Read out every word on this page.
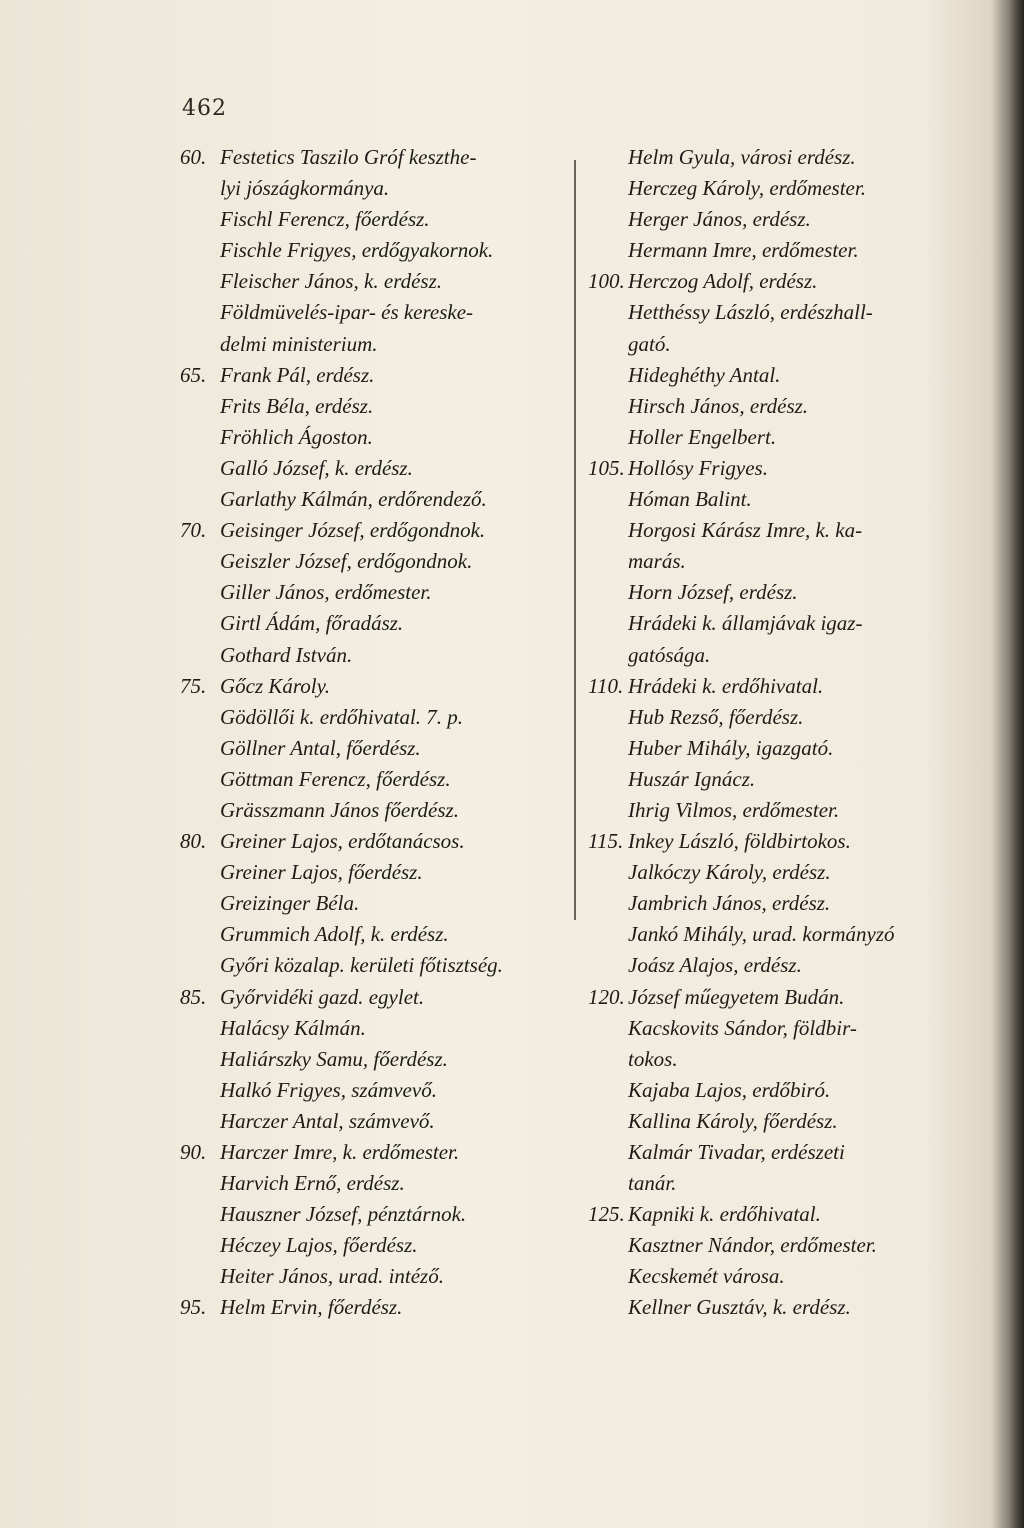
462
60. Festetics Taszilo Gróf keszthe-
lyi jószágkormánya.
Fischl Ferencz, főerdész.
Fischle Frigyes, erdőgyakornok.
Fleischer János, k. erdész.
Földmüvelés-ipar- és kereske-
delmi ministerium.
65. Frank Pál, erdész.
Frits Béla, erdész.
Fröhlich Ágoston.
Galló József, k. erdész.
Garlathy Kálmán, erdőrendező.
70. Geisinger József, erdőgondnok.
Geiszler József, erdőgondnok.
Giller János, erdőmester.
Girtl Ádám, főradász.
Gothard István.
75. Gőcz Károly.
Gödöllői k. erdőhivatal. 7. p.
Göllner Antal, főerdész.
Göttman Ferencz, főerdész.
Grässzmann János főerdész.
80. Greiner Lajos, erdőtanácsos.
Greiner Lajos, főerdész.
Greizinger Béla.
Grummich Adolf, k. erdész.
Győri közalap. kerületi főtisztség.
85. Győrvidéki gazd. egylet.
Halácsy Kálmán.
Haliárszky Samu, főerdész.
Halkó Frigyes, számvevő.
Harczer Antal, számvevő.
90. Harczer Imre, k. erdőmester.
Harvich Ernő, erdész.
Hauszner József, pénztárnok.
Héczey Lajos, főerdész.
Heiter János, urad. intéző.
95. Helm Ervin, főerdész.
Helm Gyula, városi erdész.
Herczeg Károly, erdőmester.
Herger János, erdész.
Hermann Imre, erdőmester.
100. Herczog Adolf, erdész.
Hetthéssy László, erdészhall-
gató.
Hideghéthy Antal.
Hirsch János, erdész.
Holler Engelbert.
105. Hollósy Frigyes.
Hóman Balint.
Horgosi Kárász Imre, k. ka-
marás.
Horn József, erdész.
Hrádeki k. államjávak igaz-
gatósága.
110. Hrádeki k. erdőhivatal.
Hub Rezső, főerdész.
Huber Mihály, igazgató.
Huszár Ignácz.
Ihrig Vilmos, erdőmester.
115. Inkey László, földbirtokos.
Jalkóczy Károly, erdész.
Jambrich János, erdész.
Jankó Mihály, urad. kormányzó
Joász Alajos, erdész.
120. József műegyetem Budán.
Kacskovits Sándor, földbir-
tokos.
Kajaba Lajos, erdőbiró.
Kallina Károly, főerdész.
Kalmár Tivadar, erdészeti
tanár.
125. Kapniki k. erdőhivatal.
Kasztner Nándor, erdőmester.
Kecskemét városa.
Kellner Gusztáv, k. erdész.
